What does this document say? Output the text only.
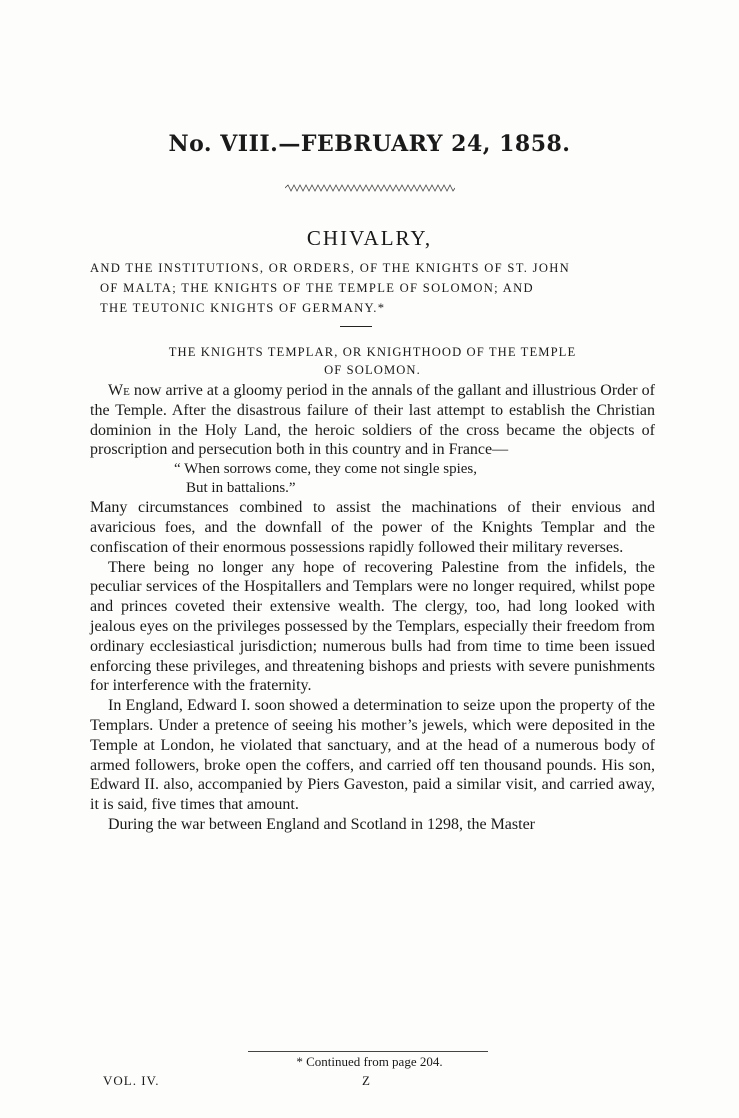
No. VIII.—FEBRUARY 24, 1858.
CHIVALRY,
AND THE INSTITUTIONS, OR ORDERS, OF THE KNIGHTS OF ST. JOHN
OF MALTA; THE KNIGHTS OF THE TEMPLE OF SOLOMON; AND
THE TEUTONIC KNIGHTS OF GERMANY.*
THE KNIGHTS TEMPLAR, OR KNIGHTHOOD OF THE TEMPLE
OF SOLOMON.

We now arrive at a gloomy period in the annals of the gallant and illustrious Order of the Temple. After the disastrous failure of their last attempt to establish the Christian dominion in the Holy Land, the heroic soldiers of the cross became the objects of proscription and persecution both in this country and in France—

“ When sorrows come, they come not single spies,
But in battalions.”

Many circumstances combined to assist the machinations of their envious and avaricious foes, and the downfall of the power of the Knights Templar and the confiscation of their enormous possessions rapidly followed their military reverses.

There being no longer any hope of recovering Palestine from the infidels, the peculiar services of the Hospitallers and Templars were no longer required, whilst pope and princes coveted their extensive wealth. The clergy, too, had long looked with jealous eyes on the privileges possessed by the Templars, especially their freedom from ordinary ecclesiastical jurisdiction; numerous bulls had from time to time been issued enforcing these privileges, and threatening bishops and priests with severe punishments for interference with the fraternity.

In England, Edward I. soon showed a determination to seize upon the property of the Templars. Under a pretence of seeing his mother’s jewels, which were deposited in the Temple at London, he violated that sanctuary, and at the head of a numerous body of armed followers, broke open the coffers, and carried off ten thousand pounds. His son, Edward II. also, accompanied by Piers Gaveston, paid a similar visit, and carried away, it is said, five times that amount.

During the war between England and Scotland in 1298, the Master

* Continued from page 204.
VOL. IV.	Z
